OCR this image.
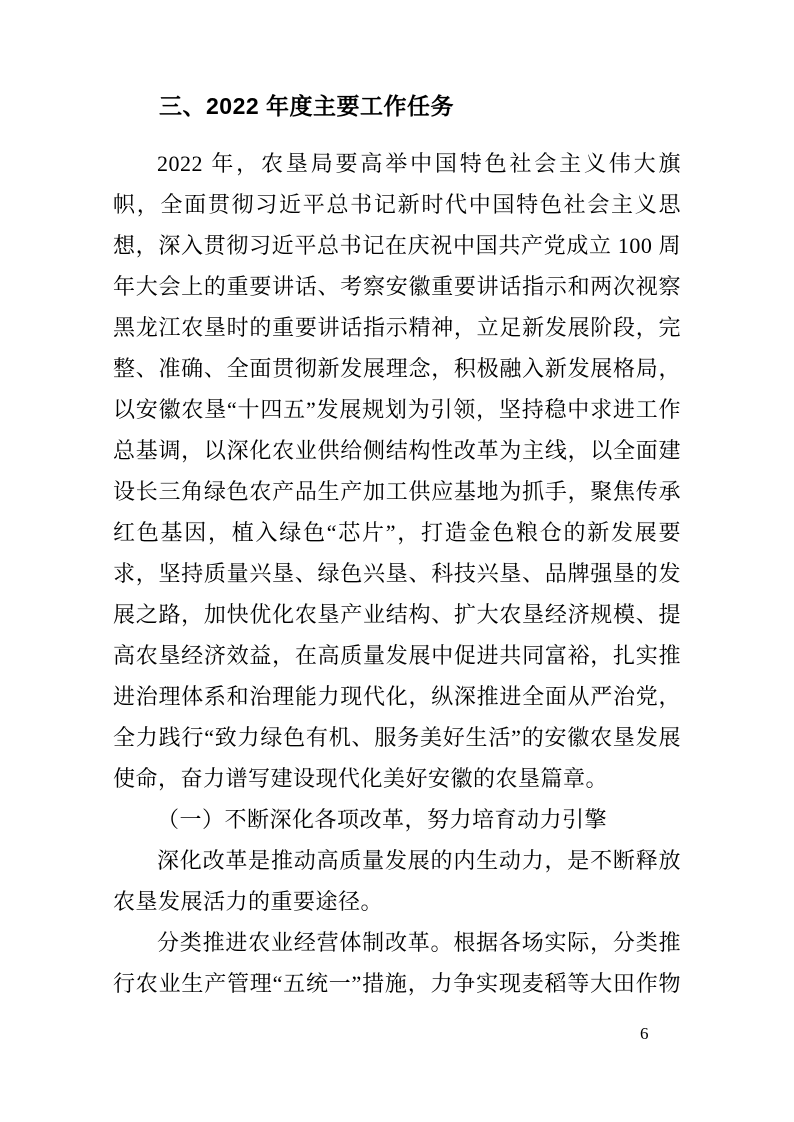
三、2022 年度主要工作任务

2022 年，农垦局要高举中国特色社会主义伟大旗帜，全面贯彻习近平总书记新时代中国特色社会主义思想，深入贯彻习近平总书记在庆祝中国共产党成立 100 周年大会上的重要讲话、考察安徽重要讲话指示和两次视察黑龙江农垦时的重要讲话指示精神，立足新发展阶段，完整、准确、全面贯彻新发展理念，积极融入新发展格局，以安徽农垦“十四五”发展规划为引领，坚持稳中求进工作总基调，以深化农业供给侧结构性改革为主线，以全面建设长三角绿色农产品生产加工供应基地为抓手，聚焦传承红色基因，植入绿色“芯片”，打造金色粮仓的新发展要求，坚持质量兴垦、绿色兴垦、科技兴垦、品牌强垦的发展之路，加快优化农垦产业结构、扩大农垦经济规模、提高农垦经济效益，在高质量发展中促进共同富裕，扎实推进治理体系和治理能力现代化，纵深推进全面从严治党，全力践行“致力绿色有机、服务美好生活”的安徽农垦发展使命，奋力谱写建设现代化美好安徽的农垦篇章。

（一）不断深化各项改革，努力培育动力引擎

深化改革是推动高质量发展的内生动力，是不断释放农垦发展活力的重要途径。

分类推进农业经营体制改革。根据各场实际，分类推行农业生产管理“五统一”措施，力争实现麦稻等大田作物

6
